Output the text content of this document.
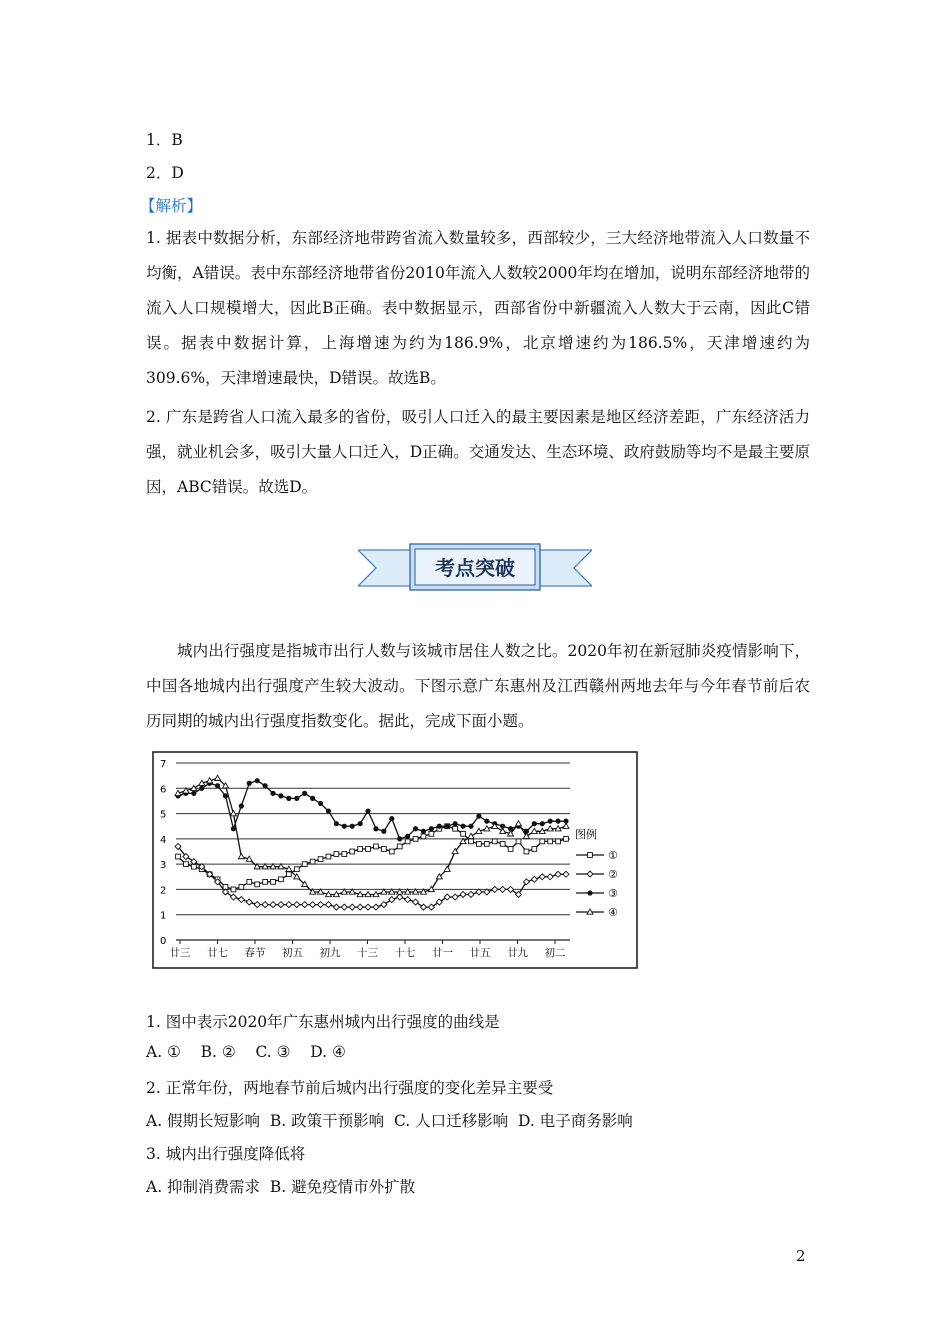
1．B
2．D
【解析】
1. 据表中数据分析，东部经济地带跨省流入数量较多，西部较少，三大经济地带流入人口数量不均衡，A错误。表中东部经济地带省份2010年流入人数较2000年均在增加，说明东部经济地带的流入人口规模增大，因此B正确。表中数据显示，西部省份中新疆流入人数大于云南，因此C错误。据表中数据计算，上海增速为约为186.9%，北京增速约为186.5%，天津增速约为309.6%，天津增速最快，D错误。故选B。
2. 广东是跨省人口流入最多的省份，吸引人口迁入的最主要因素是地区经济差距，广东经济活力强，就业机会多，吸引大量人口迁入，D正确。交通发达、生态环境、政府鼓励等均不是最主要原因，ABC错误。故选D。
考点突破
城内出行强度是指城市出行人数与该城市居住人数之比。2020年初在新冠肺炎疫情影响下，中国各地城内出行强度产生较大波动。下图示意广东惠州及江西赣州两地去年与今年春节前后农历同期的城内出行强度指数变化。据此，完成下面小题。
0
1
2
3
4
5
6
7
廿三 廿七 春节 初五 初九 十三 十七 廿一 廿五 廿九 初二
图例
①
②
③
④
1. 图中表示2020年广东惠州城内出行强度的曲线是
A. ①    B. ②    C. ③    D. ④
2. 正常年份，两地春节前后城内出行强度的变化差异主要受
A. 假期长短影响  B. 政策干预影响  C. 人口迁移影响  D. 电子商务影响
3. 城内出行强度降低将
A. 抑制消费需求  B. 避免疫情市外扩散
2
